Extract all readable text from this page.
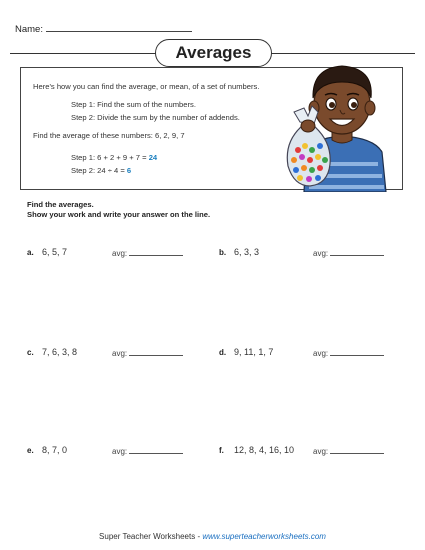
Name:
Averages
Here's how you can find the average, or mean, of a set of numbers.
Step 1: Find the sum of the numbers.
Step 2: Divide the sum by the number of addends.
Find the average of these numbers: 6, 2, 9, 7
Step 1: 6 + 2 + 9 + 7 = 24
Step 2: 24 ÷ 4 = 6
Find the averages.
Show your work and write your answer on the line.
a. 6, 5, 7	avg:	b. 6, 3, 3	avg:
c. 7, 6, 3, 8	avg:	d. 9, 11, 1, 7	avg:
e. 8, 7, 0	avg:	f. 12, 8, 4, 16, 10 avg:
Super Teacher Worksheets - www.superteacherworksheets.com
